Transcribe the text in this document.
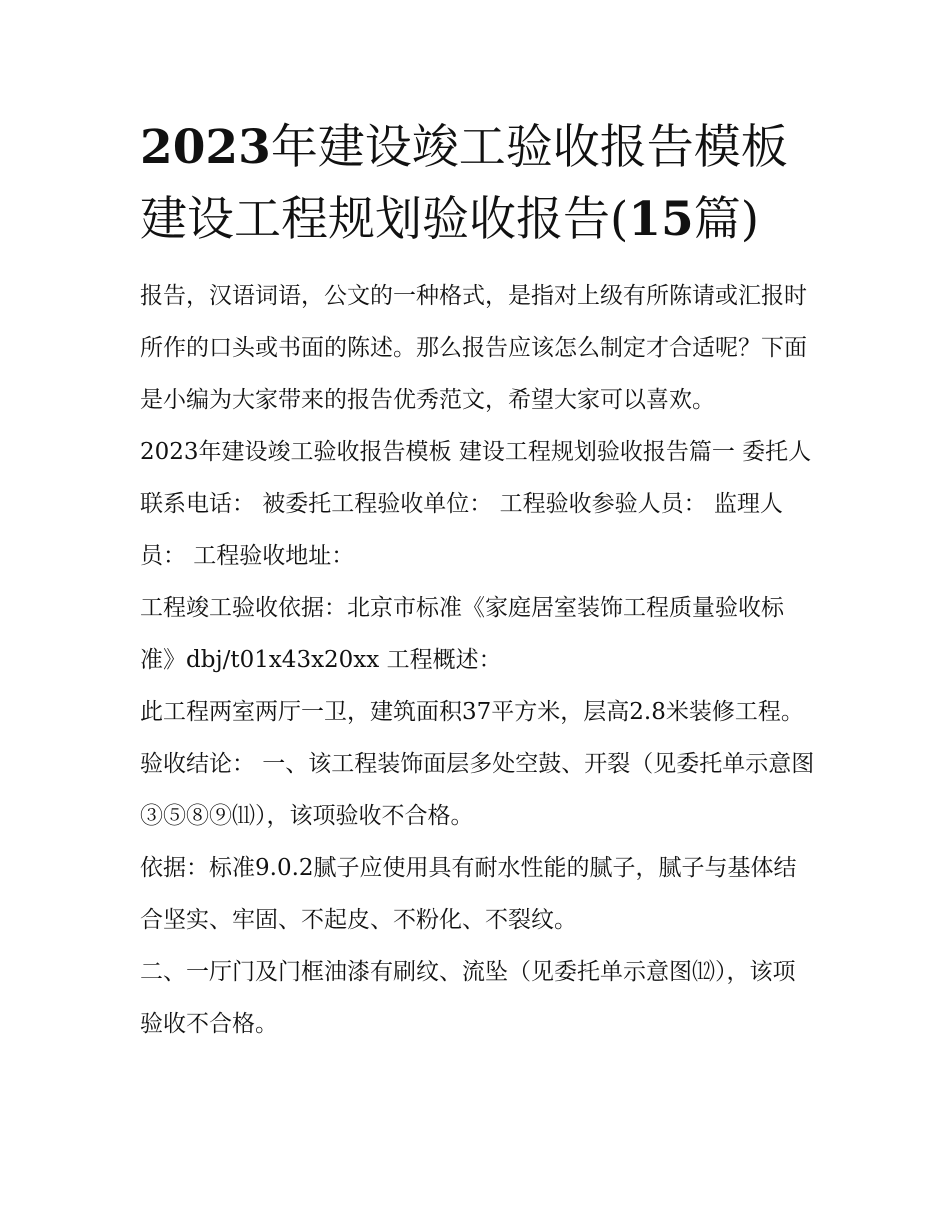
2023年建设竣工验收报告模板
建设工程规划验收报告(15篇)

报告，汉语词语，公文的一种格式，是指对上级有所陈请或汇报时所作的口头或书面的陈述。那么报告应该怎么制定才合适呢？下面是小编为大家带来的报告优秀范文，希望大家可以喜欢。

2023年建设竣工验收报告模板 建设工程规划验收报告篇一 委托人联系电话： 被委托工程验收单位： 工程验收参验人员： 监理人员： 工程验收地址：

工程竣工验收依据：北京市标准《家庭居室装饰工程质量验收标准》dbj/t01x43x20xx 工程概述：

此工程两室两厅一卫，建筑面积37平方米，层高2.8米装修工程。 验收结论： 一、该工程装饰面层多处空鼓、开裂（见委托单示意图③⑤⑧⑨⑾），该项验收不合格。

依据：标准9.0.2腻子应使用具有耐水性能的腻子，腻子与基体结合坚实、牢固、不起皮、不粉化、不裂纹。

二、一厅门及门框油漆有刷纹、流坠（见委托单示意图⑿），该项验收不合格。
